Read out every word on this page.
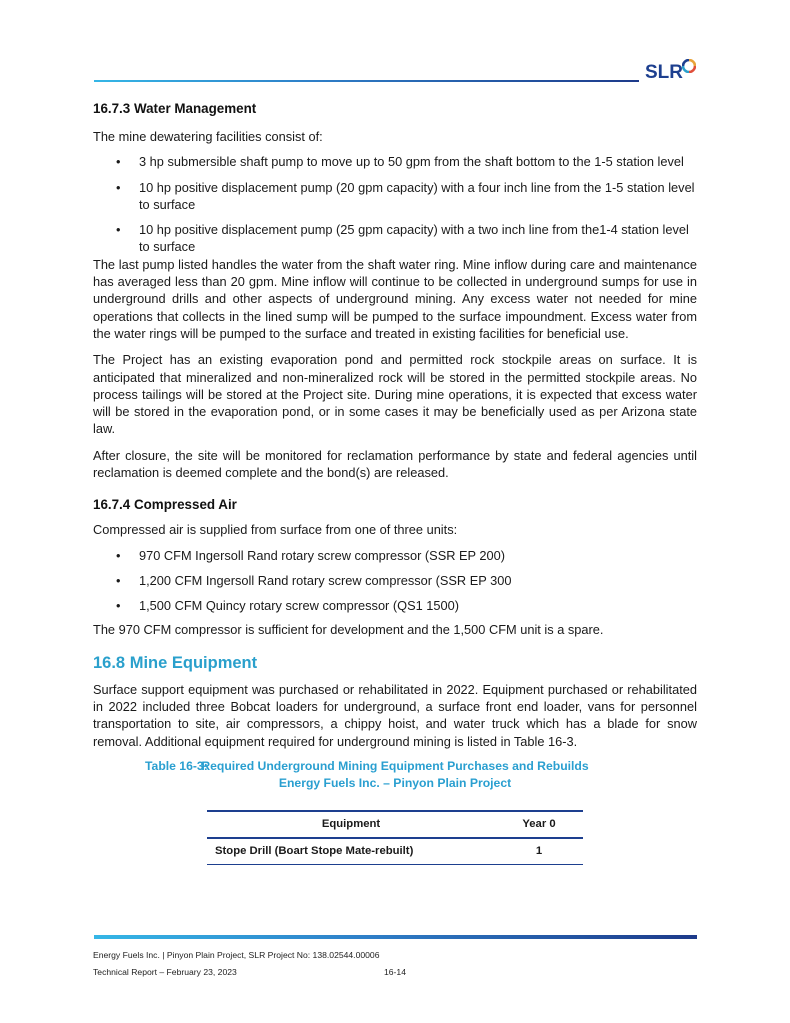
SLR
16.7.3 Water Management

The mine dewatering facilities consist of:

• 3 hp submersible shaft pump to move up to 50 gpm from the shaft bottom to the 1-5 station level
• 10 hp positive displacement pump (20 gpm capacity) with a four inch line from the 1-5 station level to surface
• 10 hp positive displacement pump (25 gpm capacity) with a two inch line from the1-4 station level to surface

The last pump listed handles the water from the shaft water ring. Mine inflow during care and maintenance has averaged less than 20 gpm. Mine inflow will continue to be collected in underground sumps for use in underground drills and other aspects of underground mining. Any excess water not needed for mine operations that collects in the lined sump will be pumped to the surface impoundment. Excess water from the water rings will be pumped to the surface and treated in existing facilities for beneficial use.

The Project has an existing evaporation pond and permitted rock stockpile areas on surface. It is anticipated that mineralized and non-mineralized rock will be stored in the permitted stockpile areas. No process tailings will be stored at the Project site. During mine operations, it is expected that excess water will be stored in the evaporation pond, or in some cases it may be beneficially used as per Arizona state law.

After closure, the site will be monitored for reclamation performance by state and federal agencies until reclamation is deemed complete and the bond(s) are released.

16.7.4 Compressed Air

Compressed air is supplied from surface from one of three units:

• 970 CFM Ingersoll Rand rotary screw compressor (SSR EP 200)
• 1,200 CFM Ingersoll Rand rotary screw compressor (SSR EP 300
• 1,500 CFM Quincy rotary screw compressor (QS1 1500)

The 970 CFM compressor is sufficient for development and the 1,500 CFM unit is a spare.

16.8 Mine Equipment

Surface support equipment was purchased or rehabilitated in 2022. Equipment purchased or rehabilitated in 2022 included three Bobcat loaders for underground, a surface front end loader, vans for personnel transportation to site, air compressors, a chippy hoist, and water truck which has a blade for snow removal. Additional equipment required for underground mining is listed in Table 16-3.

Table 16-3:
Required Underground Mining Equipment Purchases and Rebuilds
Energy Fuels Inc. – Pinyon Plain Project
Equipment	Year 0
Stope Drill (Boart Stope Mate-rebuilt)	1
Energy Fuels Inc. | Pinyon Plain Project, SLR Project No: 138.02544.00006
Technical Report – February 23, 2023	16-14
